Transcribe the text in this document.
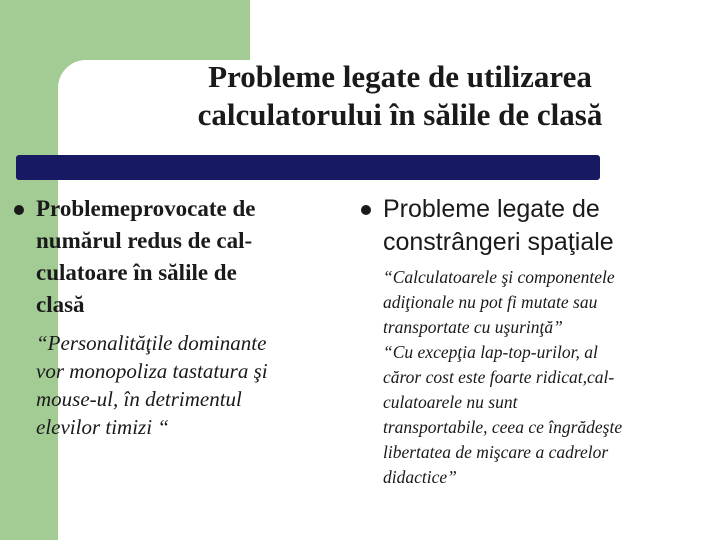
Probleme legate de utilizarea
calculatorului în sălile de clasă
Problemeprovocate de
numărul redus de cal-
culatoare în sălile de
clasă
“Personalităţile dominante
vor monopoliza tastatura şi
mouse-ul, în detrimentul
elevilor timizi “
Probleme legate de
constrângeri spaţiale
“Calculatoarele şi componentele
adiţionale nu pot fi mutate sau
transportate cu uşurinţă”
“Cu excepţia lap-top-urilor, al
căror cost este foarte ridicat,cal-
culatoarele nu sunt
transportabile, ceea ce îngrădeşte
libertatea de mişcare a cadrelor
didactice”
